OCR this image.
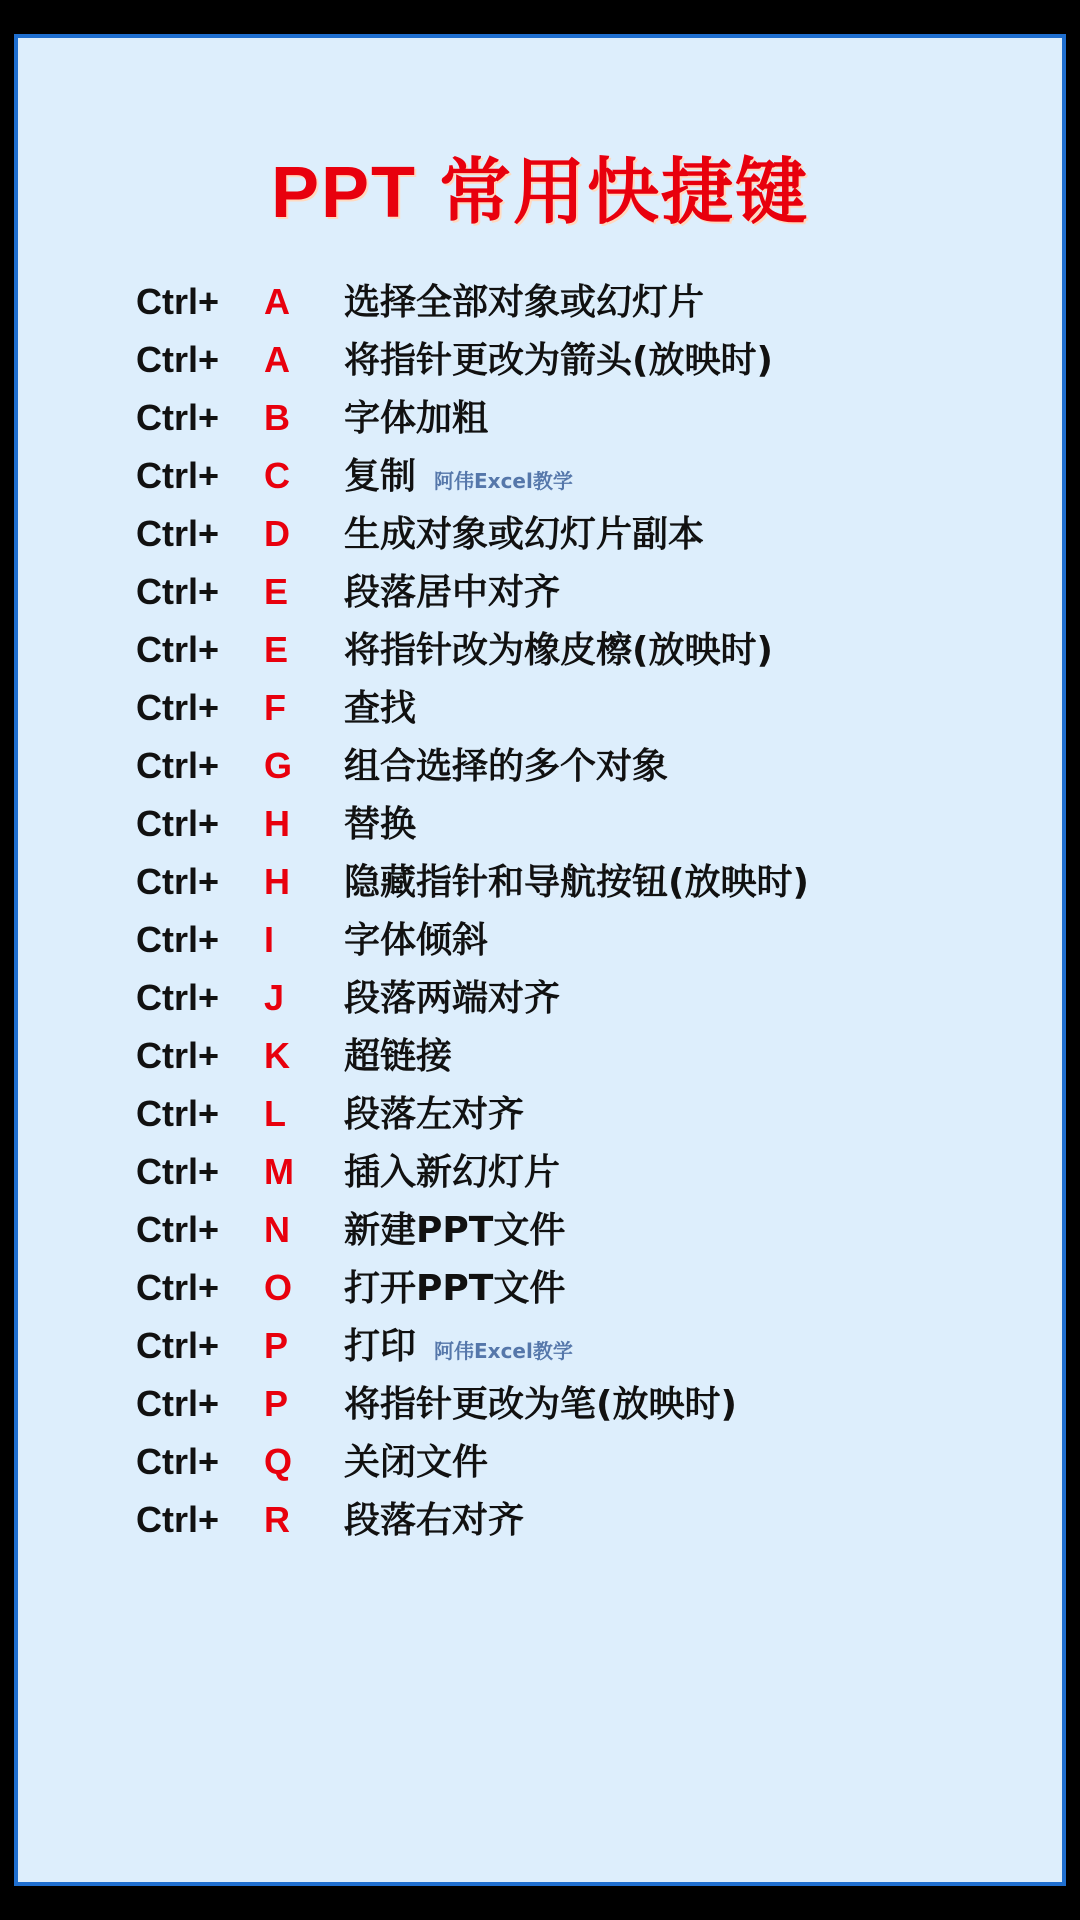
PPT 常用快捷键
Ctrl+	A	选择全部对象或幻灯片
Ctrl+	A	将指针更改为箭头(放映时)
Ctrl+	B	字体加粗
Ctrl+	C	复制 阿伟Excel教学
Ctrl+	D	生成对象或幻灯片副本
Ctrl+	E	段落居中对齐
Ctrl+	E	将指针改为橡皮檫(放映时)
Ctrl+	F	查找
Ctrl+	G	组合选择的多个对象
Ctrl+	H	替换
Ctrl+	H	隐藏指针和导航按钮(放映时)
Ctrl+	I	字体倾斜
Ctrl+	J	段落两端对齐
Ctrl+	K	超链接
Ctrl+	L	段落左对齐
Ctrl+	M	插入新幻灯片
Ctrl+	N	新建PPT文件
Ctrl+	O	打开PPT文件
Ctrl+	P	打印 阿伟Excel教学
Ctrl+	P	将指针更改为笔(放映时)
Ctrl+	Q	关闭文件
Ctrl+	R	段落右对齐
